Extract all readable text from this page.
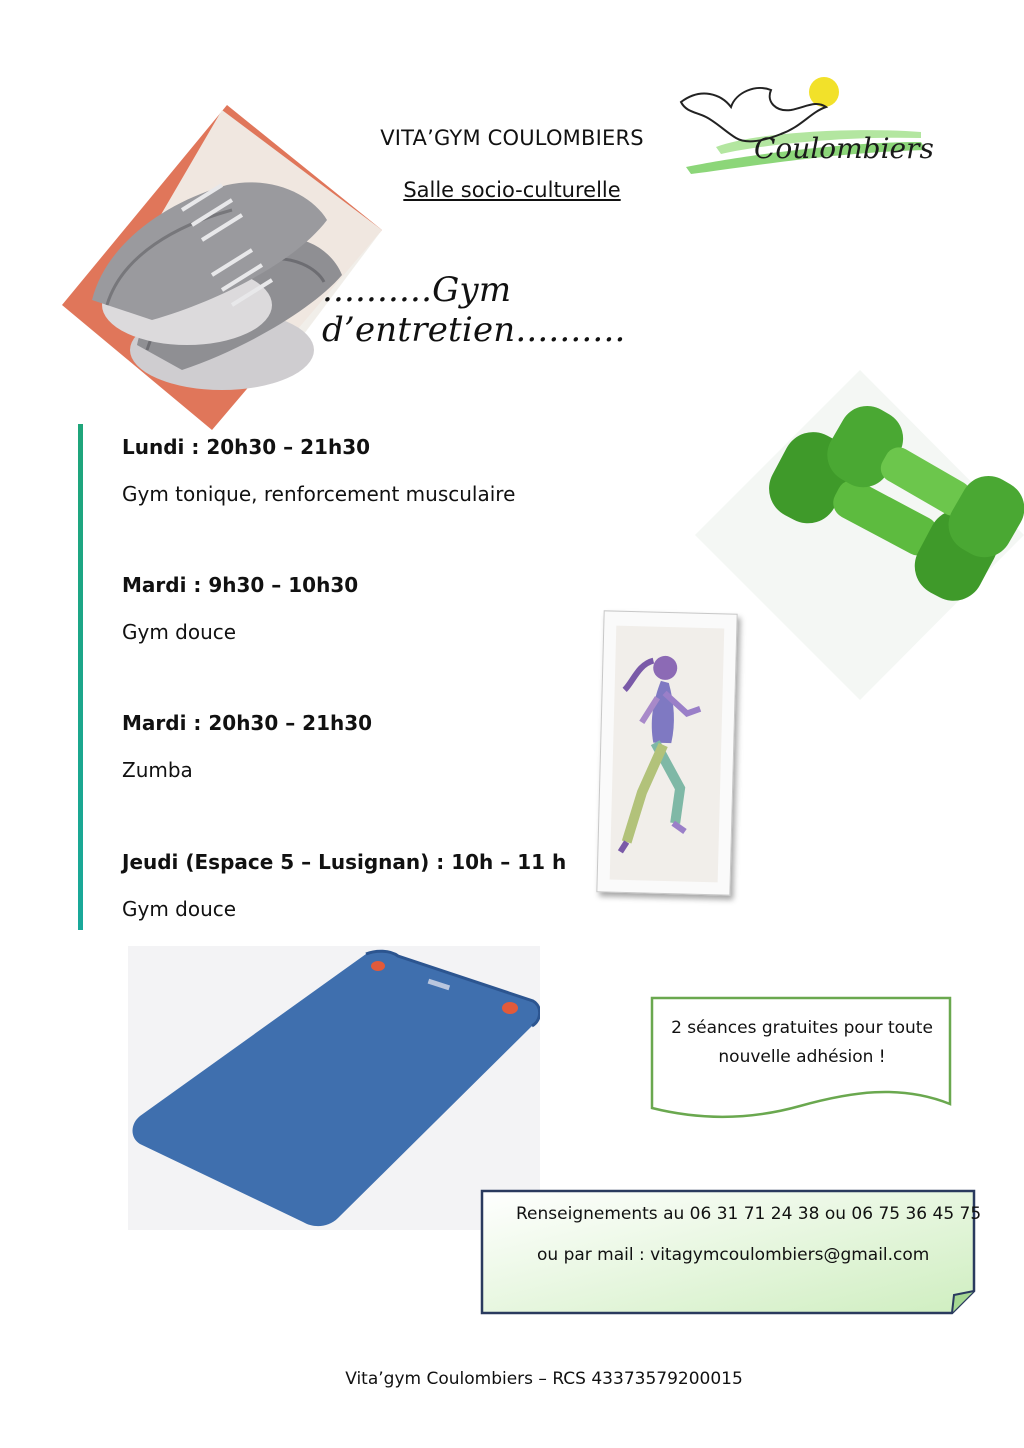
VITA’GYM COULOMBIERS
Salle socio-culturelle
Coulombiers
..........Gym d’entretien..........
Lundi : 20h30 – 21h30
Gym tonique, renforcement musculaire
Mardi : 9h30 – 10h30
Gym douce
Mardi : 20h30 – 21h30
Zumba
Jeudi (Espace 5 – Lusignan) : 10h – 11 h
Gym douce
2 séances gratuites pour toute
nouvelle adhésion !
Renseignements au 06 31 71 24 38 ou 06 75 36 45 75
ou par mail : vitagymcoulombiers@gmail.com
Vita’gym Coulombiers – RCS 43373579200015
